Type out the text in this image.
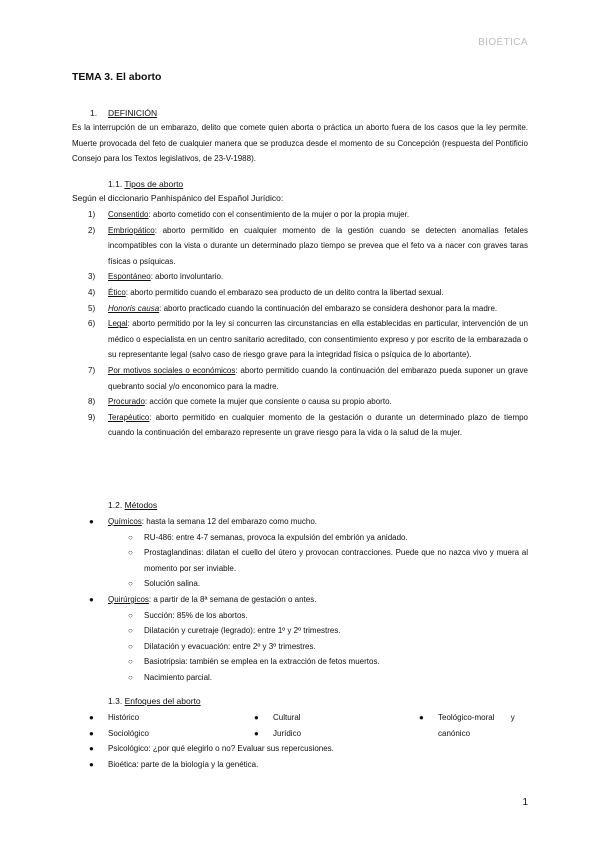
BIOÉTICA
TEMA 3. El aborto
1. DEFINICIÓN
Es la interrupción de un embarazo, delito que comete quien aborta o práctica un aborto fuera de los casos que la ley permite. Muerte provocada del feto de cualquier manera que se produzca desde el momento de su Concepción (respuesta del Pontificio Consejo para los Textos legislativos, de 23-V-1988).
1.1. Tipos de aborto
Según el diccionario Panhispánico del Español Jurídico:
1) Consentido: aborto cometido con el consentimiento de la mujer o por la propia mujer.
2) Embriopático: aborto permitido en cualquier momento de la gestión cuando se detecten anomalías fetales incompatibles con la vista o durante un determinado plazo tiempo se prevea que el feto va a nacer con graves taras físicas o psíquicas.
3) Espontáneo: aborto involuntario.
4) Ético: aborto permitido cuando el embarazo sea producto de un delito contra la libertad sexual.
5) Honoris causa: aborto practicado cuando la continuación del embarazo se considera deshonor para la madre.
6) Legal: aborto permitido por la ley si concurren las circunstancias en ella establecidas en particular, intervención de un médico o especialista en un centro sanitario acreditado, con consentimiento expreso y por escrito de la embarazada o su representante legal (salvo caso de riesgo grave para la integridad física o psíquica de lo abortante).
7) Por motivos sociales o económicos: aborto permitido cuando la continuación del embarazo pueda suponer un grave quebranto social y/o enconomico para la madre.
8) Procurado: acción que comete la mujer que consiente o causa su propio aborto.
9) Terapéutico: aborto permitido en cualquier momento de la gestación o durante un determinado plazo de tiempo cuando la continuación del embarazo represente un grave riesgo para la vida o la salud de la mujer.
1.2. Métodos
● Químicos: hasta la semana 12 del embarazo como mucho.
○ RU-486: entre 4-7 semanas, provoca la expulsión del embrión ya anidado.
○ Prostaglandinas: dilatan el cuello del útero y provocan contracciones. Puede que no nazca vivo y muera al momento por ser inviable.
○ Solución salina.
● Quirúrgicos: a partir de la 8ª semana de gestación o antes.
○ Succión: 85% de los abortos.
○ Dilatación y curetraje (legrado): entre 1º y 2º trimestres.
○ Dilatación y evacuación: entre 2º y 3º trimestres.
○ Basiotripsia: también se emplea en la extracción de fetos muertos.
○ Nacimiento parcial.
1.3. Enfoques del aborto
● Histórico
● Sociológico
● Cultural
● Jurídico
● Teológico-moral y
canónico
● Psicológico: ¿por qué elegirlo o no? Evaluar sus repercusiones.
● Bioética: parte de la biología y la genética.
1
